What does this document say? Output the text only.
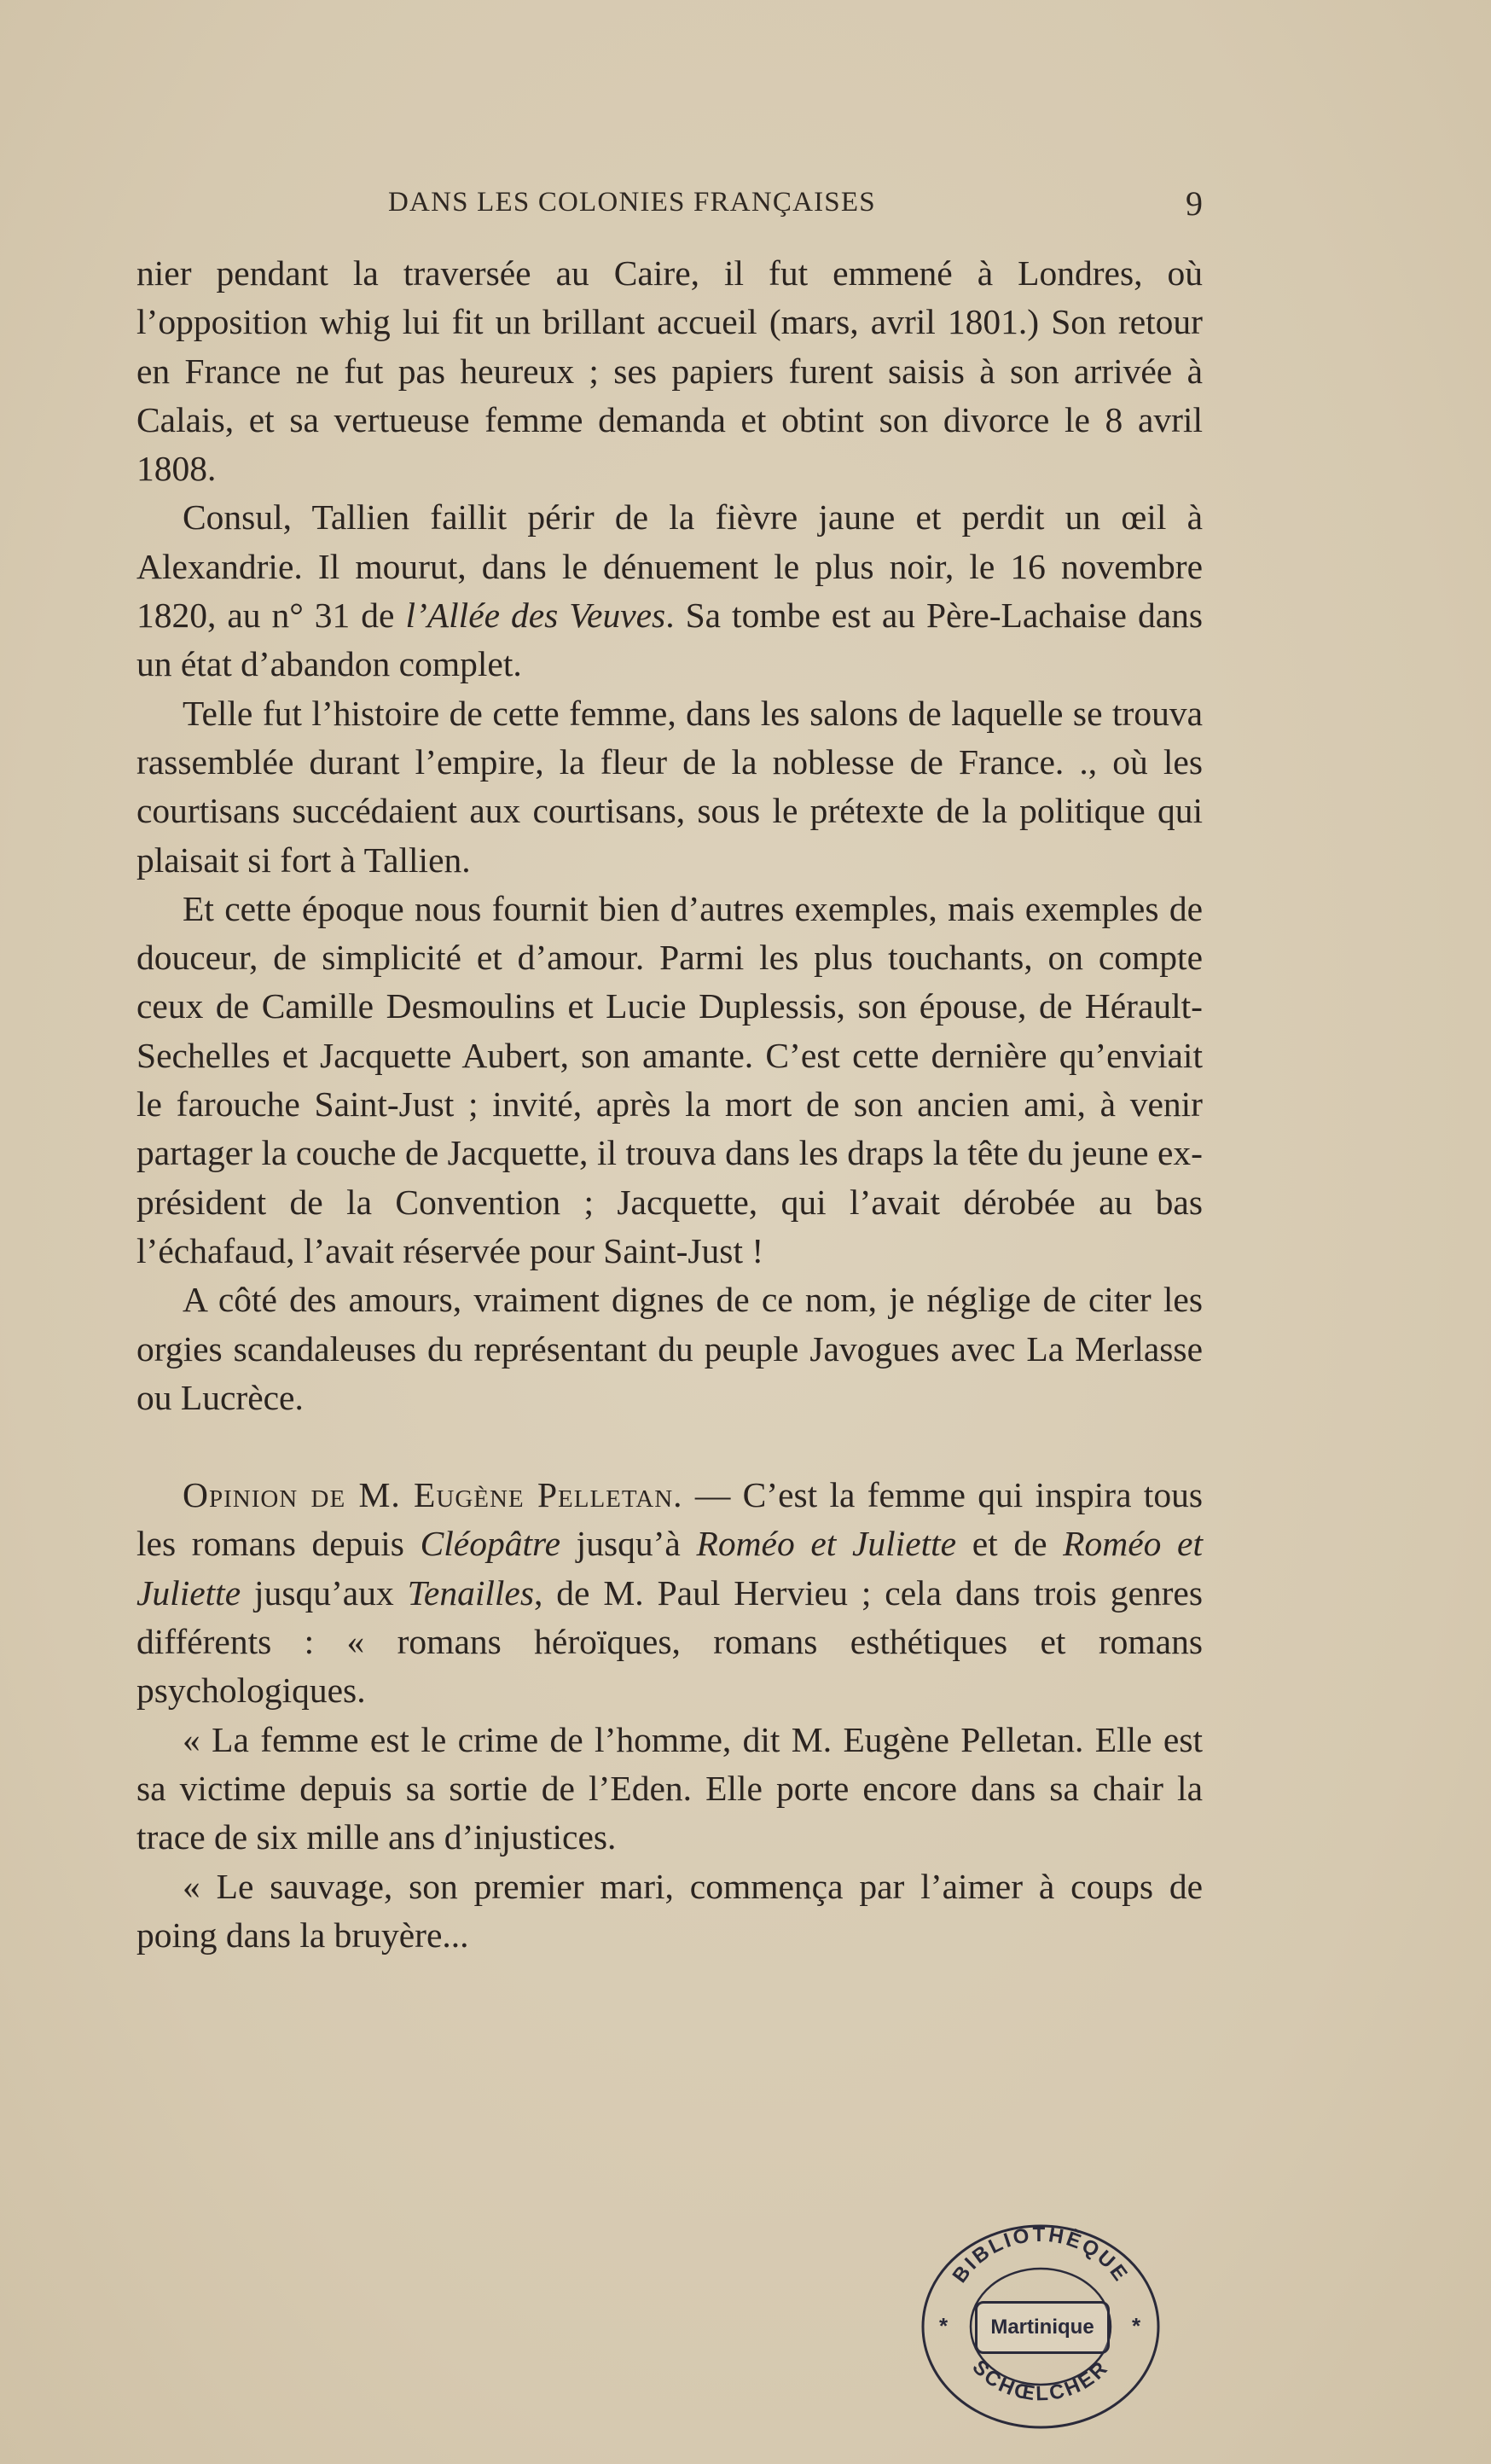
DANS LES COLONIES FRANÇAISES	9

nier pendant la traversée au Caire, il fut emmené à Londres, où l’opposition whig lui fit un brillant accueil (mars, avril 1801.) Son retour en France ne fut pas heureux ; ses papiers furent saisis à son arrivée à Calais, et sa vertueuse femme demanda et obtint son divorce le 8 avril 1808.

Consul, Tallien faillit périr de la fièvre jaune et perdit un œil à Alexandrie. Il mourut, dans le dénuement le plus noir, le 16 novembre 1820, au n° 31 de l’Allée des Veuves. Sa tombe est au Père-Lachaise dans un état d’abandon complet.

Telle fut l’histoire de cette femme, dans les salons de laquelle se trouva rassemblée durant l’empire, la fleur de la noblesse de France. ., où les courtisans succédaient aux courtisans, sous le prétexte de la politique qui plaisait si fort à Tallien.

Et cette époque nous fournit bien d’autres exemples, mais exemples de douceur, de simplicité et d’amour. Parmi les plus touchants, on compte ceux de Camille Desmoulins et Lucie Duplessis, son épouse, de Hérault-Sechelles et Jacquette Aubert, son amante. C’est cette dernière qu’enviait le farouche Saint-Just ; invité, après la mort de son ancien ami, à venir partager la couche de Jacquette, il trouva dans les draps la tête du jeune ex-président de la Convention ; Jacquette, qui l’avait dérobée au bas l’échafaud, l’avait réservée pour Saint-Just !

A côté des amours, vraiment dignes de ce nom, je néglige de citer les orgies scandaleuses du représentant du peuple Javogues avec La Merlasse ou Lucrèce.

Opinion de M. Eugène Pelletan. — C’est la femme qui inspira tous les romans depuis Cléopâtre jusqu’à Roméo et Juliette et de Roméo et Juliette jusqu’aux Tenailles, de M. Paul Hervieu ; cela dans trois genres différents : « romans héroïques, romans esthétiques et romans psychologiques.

« La femme est le crime de l’homme, dit M. Eugène Pelletan. Elle est sa victime depuis sa sortie de l’Eden. Elle porte encore dans sa chair la trace de six mille ans d’injustices.

« Le sauvage, son premier mari, commença par l’aimer à coups de poing dans la bruyère...

BIBLIOTHÈQUE
SCHŒLCHER
*	*
Martinique
